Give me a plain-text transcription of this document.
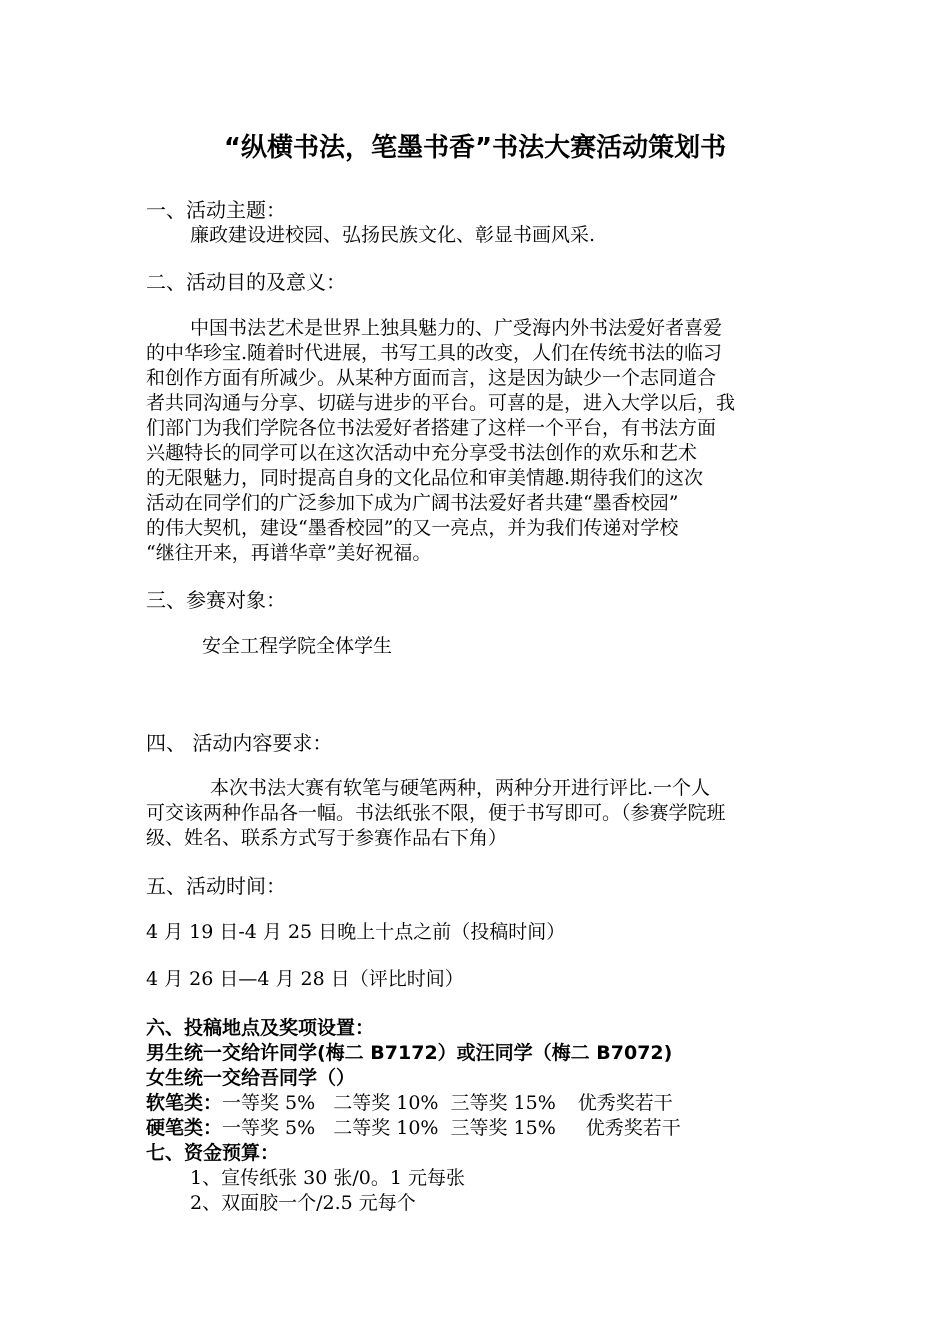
“纵横书法，笔墨书香”书法大赛活动策划书
一、活动主题：
廉政建设进校园、弘扬民族文化、彰显书画风采.
二、活动目的及意义：
中国书法艺术是世界上独具魅力的、广受海内外书法爱好者喜爱
的中华珍宝.随着时代进展，书写工具的改变，人们在传统书法的临习
和创作方面有所减少。从某种方面而言，这是因为缺少一个志同道合
者共同沟通与分享、切磋与进步的平台。可喜的是，进入大学以后，我
们部门为我们学院各位书法爱好者搭建了这样一个平台，有书法方面
兴趣特长的同学可以在这次活动中充分享受书法创作的欢乐和艺术
的无限魅力，同时提高自身的文化品位和审美情趣.期待我们的这次
活动在同学们的广泛参加下成为广阔书法爱好者共建“墨香校园”
的伟大契机，建设“墨香校园”的又一亮点，并为我们传递对学校
“继往开来，再谱华章”美好祝福。
三、参赛对象：
安全工程学院全体学生
四、 活动内容要求：
本次书法大赛有软笔与硬笔两种，两种分开进行评比.一个人
可交该两种作品各一幅。书法纸张不限，便于书写即可。（参赛学院班
级、姓名、联系方式写于参赛作品右下角）
五、活动时间：
4 月 19 日-4 月 25 日晚上十点之前（投稿时间）
4 月 26 日—4 月 28 日（评比时间）
六、投稿地点及奖项设置：
男生统一交给许同学(梅二 B7172）或汪同学（梅二 B7072)
女生统一交给吾同学（）
软笔类：一等奖 5% 二等奖 10% 三等奖 15% 优秀奖若干
硬笔类：一等奖 5% 二等奖 10% 三等奖 15% 优秀奖若干
七、资金预算：
1、宣传纸张 30 张/0。1 元每张
2、双面胶一个/2.5 元每个
